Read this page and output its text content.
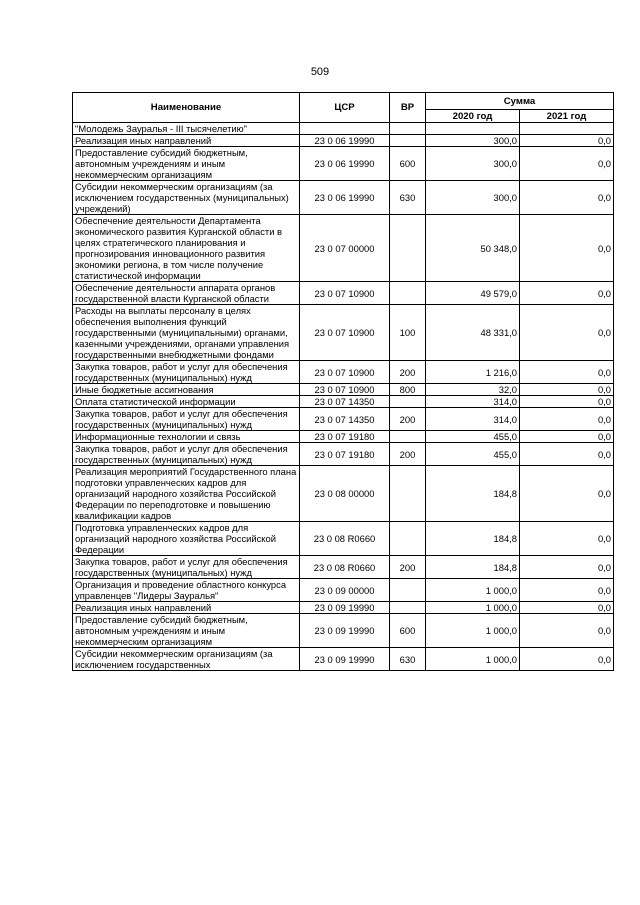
509
Наименование	ЦСР	ВР	Сумма	
			2020 год	2021 год
"Молодежь Зауралья - III тысячелетию"				
Реализация иных направлений	23 0 06 19990		300,0	0,0
Предоставление субсидий бюджетным, автономным учреждениям и иным некоммерческим организациям	23 0 06 19990	600	300,0	0,0
Субсидии некоммерческим организациям (за исключением государственных (муниципальных) учреждений)	23 0 06 19990	630	300,0	0,0
Обеспечение деятельности Департамента экономического развития Курганской области в целях стратегического планирования и прогнозирования инновационного развития экономики региона, в том числе получение статистической информации	23 0 07 00000		50 348,0	0,0
Обеспечение деятельности аппарата органов государственной власти Курганской области	23 0 07 10900		49 579,0	0,0
Расходы на выплаты персоналу в целях обеспечения выполнения функций государственными (муниципальными) органами, казенными учреждениями, органами управления государственными внебюджетными фондами	23 0 07 10900	100	48 331,0	0,0
Закупка товаров, работ и услуг для обеспечения государственных (муниципальных) нужд	23 0 07 10900	200	1 216,0	0,0
Иные бюджетные ассигнования	23 0 07 10900	800	32,0	0,0
Оплата статистической информации	23 0 07 14350		314,0	0,0
Закупка товаров, работ и услуг для обеспечения государственных (муниципальных) нужд	23 0 07 14350	200	314,0	0,0
Информационные технологии и связь	23 0 07 19180		455,0	0,0
Закупка товаров, работ и услуг для обеспечения государственных (муниципальных) нужд	23 0 07 19180	200	455,0	0,0
Реализация мероприятий Государственного плана подготовки управленческих кадров для организаций народного хозяйства Российской Федерации по переподготовке и повышению квалификации кадров	23 0 08 00000		184,8	0,0
Подготовка управленческих кадров для организаций народного хозяйства Российской Федерации	23 0 08 R0660		184,8	0,0
Закупка товаров, работ и услуг для обеспечения государственных (муниципальных) нужд	23 0 08 R0660	200	184,8	0,0
Организация и проведение областного конкурса управленцев "Лидеры Зауралья"	23 0 09 00000		1 000,0	0,0
Реализация иных направлений	23 0 09 19990		1 000,0	0,0
Предоставление субсидий бюджетным, автономным учреждениям и иным некоммерческим организациям	23 0 09 19990	600	1 000,0	0,0
Субсидии некоммерческим организациям (за исключением государственных	23 0 09 19990	630	1 000,0	0,0
